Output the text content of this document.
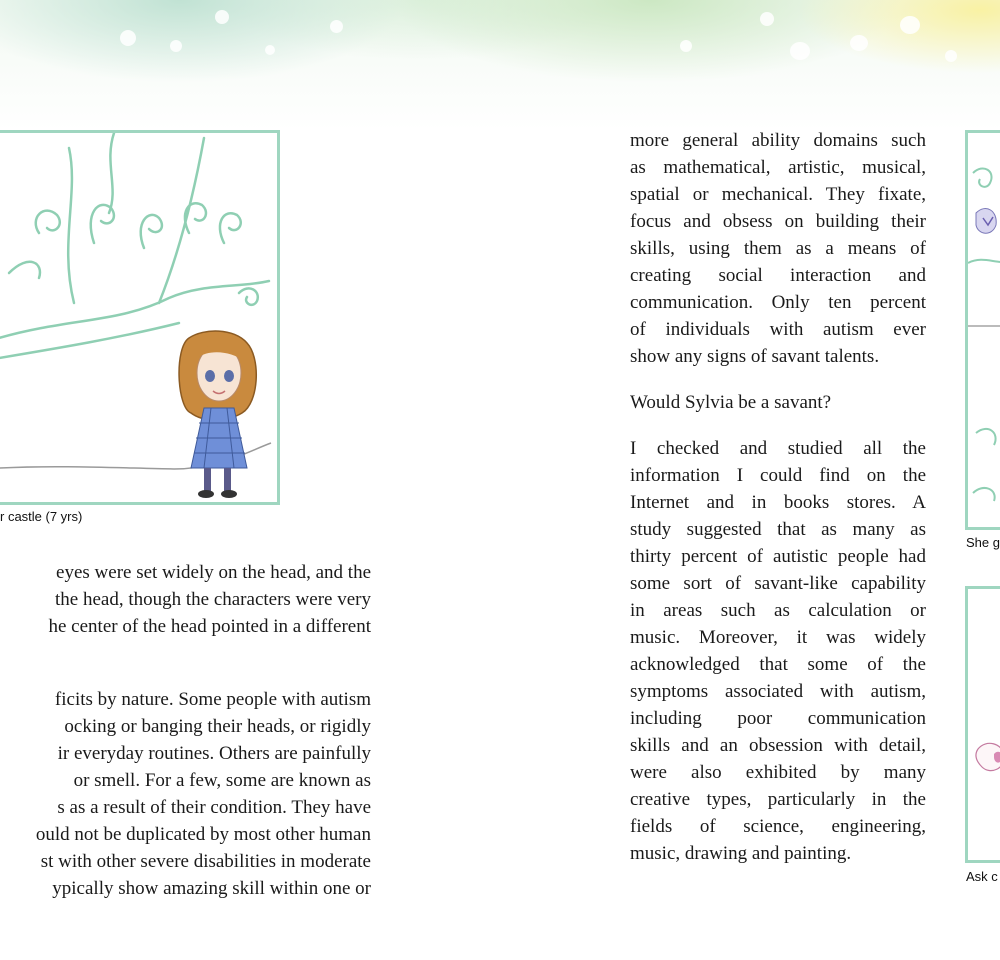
r castle (7 yrs)

eyes were set widely on the head, and the
the head, though the characters were very
he center of the head pointed in a different

ficits by nature. Some people with autism
ocking or banging their heads, or rigidly
ir everyday routines. Others are painfully
or smell. For a few, some are known as
s as a result of their condition. They have
ould not be duplicated by most other human
st with other severe disabilities in moderate
ypically show amazing skill within one or

more general ability domains such
as mathematical, artistic, musical,
spatial or mechanical. They fixate,
focus and obsess on building their
skills, using them as a means of
creating social interaction and
communication. Only ten percent
of individuals with autism ever
show any signs of savant talents.

Would Sylvia be a savant?

I checked and studied all the
information I could find on the
Internet and in books stores. A
study suggested that as many as
thirty percent of autistic people had
some sort of savant-like capability
in areas such as calculation or
music. Moreover, it was widely
acknowledged that some of the
symptoms associated with autism,
including poor communication
skills and an obsession with detail,
were also exhibited by many
creative types, particularly in the
fields of science, engineering,
music, drawing and painting.

She g
Ask c
